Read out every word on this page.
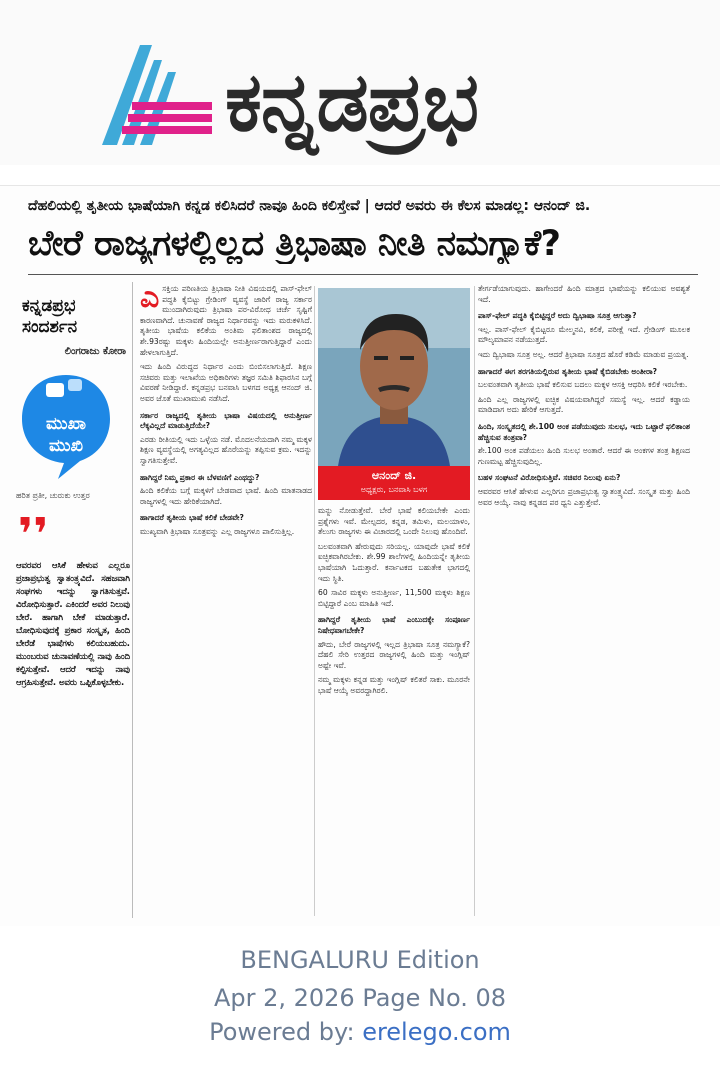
ಕನ್ನಡಪ್ರಭ
ದೆಹಲಿಯಲ್ಲಿ ತೃತೀಯ ಭಾಷೆಯಾಗಿ ಕನ್ನಡ ಕಲಿಸಿದರೆ ನಾವೂ ಹಿಂದಿ ಕಲಿಸ್ತೇವೆ | ಆದರೆ ಅವರು ಈ ಕೆಲಸ ಮಾಡಲ್ಲ: ಆನಂದ್ ಜಿ.
ಬೇರೆ ರಾಜ್ಯಗಳಲ್ಲಿಲ್ಲದ ತ್ರಿಭಾಷಾ ನೀತಿ ನಮಗ್ಯಾಕೆ?
ಕನ್ನಡಪ್ರಭ
ಸಂದರ್ಶನ
ಲಿಂಗರಾಜು ಕೋರಾ
ಮುಖಾ
ಮುಖಿ
ಹರಿತ ಪ್ರತೀ, ಚುರುಕು ಉತ್ತರ
❜❜
ಆವರವರ ಆಸಿಕೆ ಹೇಳುವ ಎಲ್ಲರೂ ಪ್ರಜಾಪ್ರಭುತ್ವ ಸ್ವಾತಂತ್ರ್ಯವಿದೆ. ಸಹಜವಾಗಿ ಸಂಘಗಳು ಇದನ್ನು ಸ್ವಾಗತಿಸುತ್ತವೆ. ವಿರೋಧಿಸುತ್ತಾರೆ. ಎಕಿಂದರೆ ಅವರ ನಿಲುವು ಬೇರೆ. ಹಾಗಾಗಿ ಬೇಕೆ ಮಾಡುತ್ತಾರೆ. ಬೋಧಿಸುವುದಕ್ಕೆ ಪ್ರಕಾರ ಸಂಸ್ಕೃತ, ಹಿಂದಿ ಬೇರೆಡೆ ಭಾಷೆಗಳು ಕಲಿಯಬಹುದು. ಮುಂಬರುವ ಚುನಾವಣೆಯಲ್ಲಿ ನಾವು ಹಿಂದಿ ಕಲ್ಪಿಸುತ್ತೇವೆ. ಆದರೆ ಇದನ್ನು ನಾವು ಆಗ್ರಹಿಸುತ್ತೇವೆ. ಅವರು ಒಪ್ಪಿಕೊಳ್ಳಬೇಕು.

ಎಸಕ್ತಿಯ ಪರಿಣತಿಯ ತ್ರಿಭಾಷಾ ನೀತಿ ವಿಷಯದಲ್ಲಿ ಪಾಸ್-ಫೇಲ್ ಪದ್ಧತಿ ಕೈಬಿಟ್ಟು ಗ್ರೇಡಿಂಗ್ ವ್ಯವಸ್ಥೆ ಜಾರಿಗೆ ರಾಜ್ಯ ಸರ್ಕಾರ ಮುಂದಾಗಿರುವುದು ತ್ರಿಭಾಷಾ ಪರ-ವಿರೋಧ ಚರ್ಚೆ ಸೃಷ್ಟಿಗೆ ಕಾರಣವಾಗಿದೆ. ಚುನಾವಣೆ ರಾಜ್ಯದ ನಿರ್ಧಾರವನ್ನು ಇದು ಮರುಕಳಿಸಿದೆ. ತೃತೀಯ ಭಾಷೆಯ ಕಲಿಕೆಯ ಅಂತಿಮ ಫಲಿತಾಂಶದ ರಾಜ್ಯದಲ್ಲಿ ಶೇ.93ರಷ್ಟು ಮಕ್ಕಳು ಹಿಂದಿಯಲ್ಲೇ ಅನುತ್ತೀರ್ಣರಾಗುತ್ತಿದ್ದಾರೆ ಎಂದು ಹೇಳಲಾಗುತ್ತಿದೆ.

ಇದು ಹಿಂದಿ ವಿರುದ್ಧದ ನಿರ್ಧಾರ ಎಂದು ಬಿಂಬಿಸಲಾಗುತ್ತಿದೆ. ಶಿಕ್ಷಣ ಸಚಿವರು ಮತ್ತು ಇಲಾಖೆಯ ಅಧಿಕಾರಿಗಳು ತಜ್ಞರ ಸಮಿತಿ ಶಿಫಾರಸಿನ ಬಗ್ಗೆ ವಿವರಣೆ ನೀಡಿದ್ದಾರೆ. ಕನ್ನಡಪ್ರಭ ಬನವಾಸಿ ಬಳಗದ ಅಧ್ಯಕ್ಷ ಆನಂದ್ ಜಿ. ಅವರ ಜೊತೆ ಮುಖಾಮುಖಿ ನಡೆಸಿದೆ.

ಸರ್ಕಾರ ರಾಜ್ಯದಲ್ಲಿ ತೃತೀಯ ಭಾಷಾ ವಿಷಯದಲ್ಲಿ ಅನುತ್ತೀರ್ಣ ಲೆಕ್ಕವಿಲ್ಲದೆ ಮಾಡುತ್ತಿದೆಯೇ?

ಎರಡು ರೀತಿಯಲ್ಲಿ ಇದು ಒಳ್ಳೆಯ ನಡೆ. ಮೊದಲನೆಯದಾಗಿ ನಮ್ಮ ಮಕ್ಕಳ ಶಿಕ್ಷಣ ವ್ಯವಸ್ಥೆಯಲ್ಲಿ ಅಗತ್ಯವಿಲ್ಲದ ಹೊರೆಯನ್ನು ತಪ್ಪಿಸುವ ಕ್ರಮ. ಇದನ್ನು ಸ್ವಾಗತಿಸುತ್ತೇವೆ.

ಹಾಗಿದ್ದರೆ ನಿಮ್ಮ ಪ್ರಕಾರ ಈ ಬೆಳವಣಿಗೆ ಎಂಥದ್ದು?

ಹಿಂದಿ ಕಲಿಕೆಯ ಬಗ್ಗೆ ಮಕ್ಕಳಿಗೆ ಬೇಡವಾದ ಭಾಷೆ. ಹಿಂದಿ ಮಾತನಾಡದ ರಾಜ್ಯಗಳಲ್ಲಿ ಇದು ಹೇರಿಕೆಯಾಗಿದೆ.

ಹಾಗಾದರೆ ತೃತೀಯ ಭಾಷೆ ಕಲಿಕೆ ಬೇಡವೇ?

ಮುಖ್ಯವಾಗಿ ತ್ರಿಭಾಷಾ ಸೂತ್ರವನ್ನು ಎಲ್ಲ ರಾಜ್ಯಗಳೂ ಪಾಲಿಸುತ್ತಿಲ್ಲ.

ಆನಂದ್ ಜಿ.
ಅಧ್ಯಕ್ಷರು, ಬನವಾಸಿ ಬಳಗ

ಮನ್ನು ನೋಡುತ್ತೇವೆ. ಬೇರೆ ಭಾಷೆ ಕಲಿಯಬೇಕೇ ಎಂದು ಪ್ರಶ್ನೆಗಳು ಇವೆ. ಮೇಲ್ಪದರ, ಕನ್ನಡ, ತಮಿಳು, ಮಲಯಾಳಂ, ತೆಲುಗು ರಾಜ್ಯಗಳು ಈ ವಿಚಾರದಲ್ಲಿ ಒಂದೇ ನಿಲುವು ಹೊಂದಿವೆ.

ಬಲವಂತವಾಗಿ ಹೇರುವುದು ಸರಿಯಲ್ಲ. ಯಾವುದೇ ಭಾಷೆ ಕಲಿಕೆ ಐಚ್ಛಿಕವಾಗಿರಬೇಕು. ಶೇ.99 ಶಾಲೆಗಳಲ್ಲಿ ಹಿಂದಿಯನ್ನೇ ತೃತೀಯ ಭಾಷೆಯಾಗಿ ಓದುತ್ತಾರೆ. ಕರ್ನಾಟಕದ ಬಹುತೇಕ ಭಾಗದಲ್ಲಿ ಇದು ಸ್ಥಿತಿ.

60 ಸಾವಿರ ಮಕ್ಕಳು ಅನುತ್ತೀರ್ಣ, 11,500 ಮಕ್ಕಳು ಶಿಕ್ಷಣ ಬಿಟ್ಟಿದ್ದಾರೆ ಎಂಬ ಮಾಹಿತಿ ಇದೆ.

ಹಾಗಿದ್ದರೆ ತೃತೀಯ ಭಾಷೆ ಎಂಬುದಕ್ಕೇ ಸಂಪೂರ್ಣ ನಿಷೇಧವಾಗಬೇಕೇ?

ಹೌದು, ಬೇರೆ ರಾಜ್ಯಗಳಲ್ಲಿ ಇಲ್ಲದ ತ್ರಿಭಾಷಾ ಸೂತ್ರ ನಮಗ್ಯಾಕೆ? ದೆಹಲಿ ಸೇರಿ ಉತ್ತರದ ರಾಜ್ಯಗಳಲ್ಲಿ ಹಿಂದಿ ಮತ್ತು ಇಂಗ್ಲಿಷ್ ಅಷ್ಟೇ ಇವೆ.

ನಮ್ಮ ಮಕ್ಕಳು ಕನ್ನಡ ಮತ್ತು ಇಂಗ್ಲಿಷ್ ಕಲಿತರೆ ಸಾಕು. ಮೂರನೇ ಭಾಷೆ ಆಯ್ಕೆ ಅವರದ್ದಾಗಿರಲಿ.

ತೇರ್ಗಡೆಯಾಗುವುದು. ಹಾಗೇಂದರೆ ಹಿಂದಿ ಮಾತ್ರದ ಭಾಷೆಯನ್ನು ಕಲಿಯುವ ಅವಶ್ಯತೆ ಇದೆ.

ಪಾಸ್-ಫೇಲ್ ಪದ್ಧತಿ ಕೈಬಿಟ್ಟಿದ್ದರೆ ಅದು ದ್ವಿಭಾಷಾ ಸೂತ್ರ ಆಗುತ್ತಾ?

ಇಲ್ಲ. ಪಾಸ್-ಫೇಲ್ ಕೈಬಿಟ್ಟರೂ ಮೇಲ್ಮನವಿ, ಕಲಿಕೆ, ಪರೀಕ್ಷೆ ಇದೆ. ಗ್ರೇಡಿಂಗ್ ಮೂಲಕ ಮೌಲ್ಯಮಾಪನ ನಡೆಯುತ್ತದೆ.

ಇದು ದ್ವಿಭಾಷಾ ಸೂತ್ರ ಅಲ್ಲ. ಆದರೆ ತ್ರಿಭಾಷಾ ಸೂತ್ರದ ಹೊರೆ ಕಡಿಮೆ ಮಾಡುವ ಪ್ರಯತ್ನ.

ಹಾಗಾದರೆ ಈಗ ತರಗತಿಯಲ್ಲಿರುವ ತೃತೀಯ ಭಾಷೆ ಕೈಬಿಡಬೇಕು ಅಂತೀರಾ?

ಬಲವಂತವಾಗಿ ತೃತೀಯ ಭಾಷೆ ಕಲಿಸುವ ಬದಲು ಮಕ್ಕಳ ಆಸಕ್ತಿ ಆಧರಿಸಿ ಕಲಿಕೆ ಇರಬೇಕು.

ಹಿಂದಿ ಎಲ್ಲ ರಾಜ್ಯಗಳಲ್ಲಿ ಐಚ್ಛಿಕ ವಿಷಯವಾಗಿದ್ದರೆ ಸಮಸ್ಯೆ ಇಲ್ಲ. ಆದರೆ ಕಡ್ಡಾಯ ಮಾಡಿದಾಗ ಅದು ಹೇರಿಕೆ ಆಗುತ್ತದೆ.

ಹಿಂದಿ, ಸಂಸ್ಕೃತದಲ್ಲಿ ಶೇ.100 ಅಂಕ ಪಡೆಯುವುದು ಸುಲಭ, ಇದು ಒಟ್ಟಾರೆ ಫಲಿತಾಂಶ ಹೆಚ್ಚಿಸುವ ತಂತ್ರವಾ?

ಶೇ.100 ಅಂಕ ಪಡೆಯಲು ಹಿಂದಿ ಸುಲಭ ಅಂತಾರೆ. ಆದರೆ ಈ ಅಂಕಗಳ ತಂತ್ರ ಶಿಕ್ಷಣದ ಗುಣಮಟ್ಟ ಹೆಚ್ಚಿಸುವುದಿಲ್ಲ.

ಬಹಳ ಸಂಘಟನೆ ವಿರೋಧಿಸುತ್ತಿವೆ. ಸಚಿವರ ನಿಲುವು ಏನು?

ಆವರವರ ಆಸಿಕೆ ಹೇಳುವ ಎಲ್ಲರಿಗೂ ಪ್ರಜಾಪ್ರಭುತ್ವ ಸ್ವಾತಂತ್ರ್ಯವಿದೆ. ಸಂಸ್ಕೃತ ಮತ್ತು ಹಿಂದಿ ಅವರ ಆಯ್ಕೆ. ನಾವು ಕನ್ನಡದ ಪರ ಧ್ವನಿ ಎತ್ತುತ್ತೇವೆ.

BENGALURU Edition
Apr 2, 2026 Page No. 08
Powered by: erelego.com
